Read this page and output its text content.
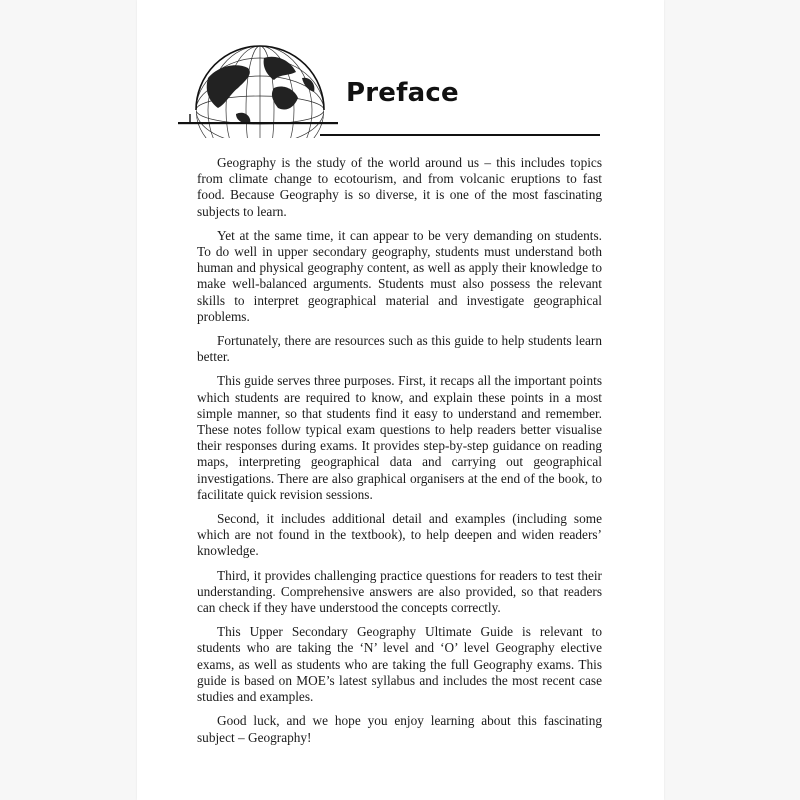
Preface

Geography is the study of the world around us – this includes topics from climate change to ecotourism, and from volcanic eruptions to fast food. Because Geography is so diverse, it is one of the most fascinating subjects to learn.

Yet at the same time, it can appear to be very demanding on students. To do well in upper secondary geography, students must understand both human and physical geography content, as well as apply their knowledge to make well-balanced arguments. Students must also possess the relevant skills to interpret geographical material and investigate geographical problems.

Fortunately, there are resources such as this guide to help students learn better.

This guide serves three purposes. First, it recaps all the important points which students are required to know, and explain these points in a most simple manner, so that students find it easy to understand and remember. These notes follow typical exam questions to help readers better visualise their responses during exams. It provides step-by-step guidance on reading maps, interpreting geographical data and carrying out geographical investigations. There are also graphical organisers at the end of the book, to facilitate quick revision sessions.

Second, it includes additional detail and examples (including some which are not found in the textbook), to help deepen and widen readers’ knowledge.

Third, it provides challenging practice questions for readers to test their understanding. Comprehensive answers are also provided, so that readers can check if they have understood the concepts correctly.

This Upper Secondary Geography Ultimate Guide is relevant to students who are taking the ‘N’ level and ‘O’ level Geography elective exams, as well as students who are taking the full Geography exams. This guide is based on MOE’s latest syllabus and includes the most recent case studies and examples.

Good luck, and we hope you enjoy learning about this fascinating subject – Geography!
